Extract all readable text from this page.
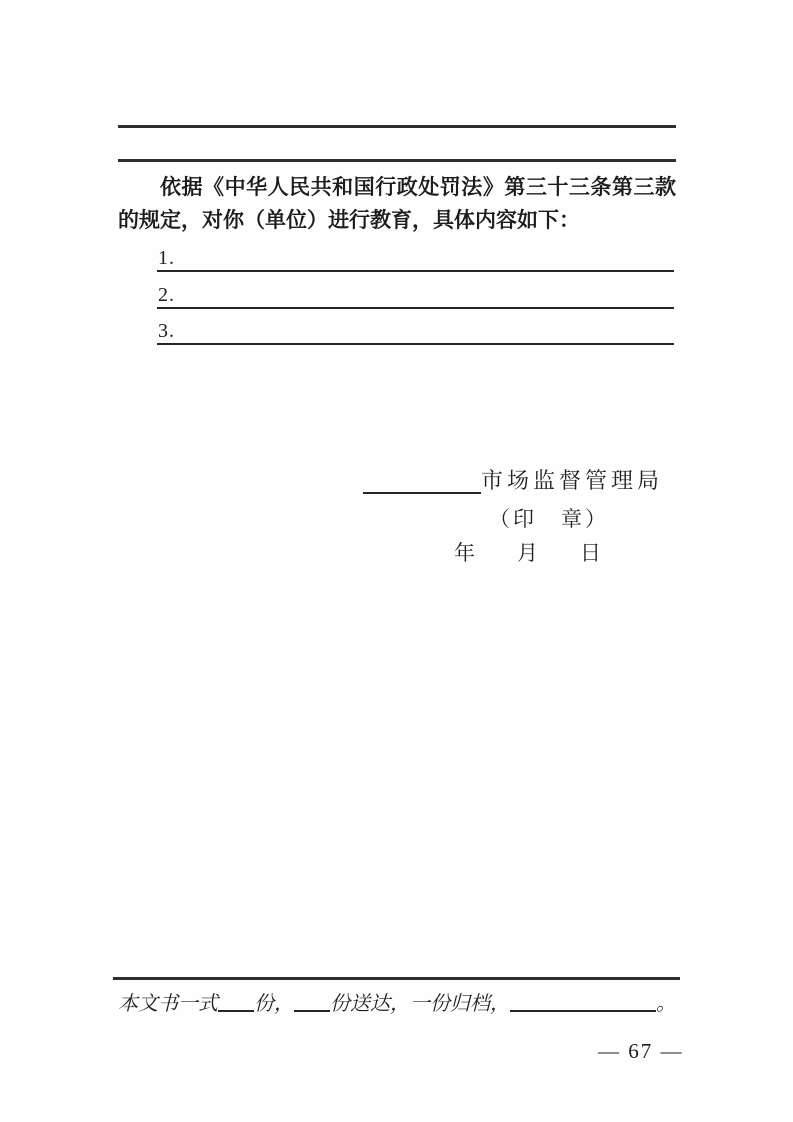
依据《中华人民共和国行政处罚法》第三十三条第三款的规定，对你（单位）进行教育，具体内容如下：

1.
2.
3.
市场监督管理局
（印　章）
年　　月　　日
本文书一式 份， 份送达，一份归档，	。
— 67 —
